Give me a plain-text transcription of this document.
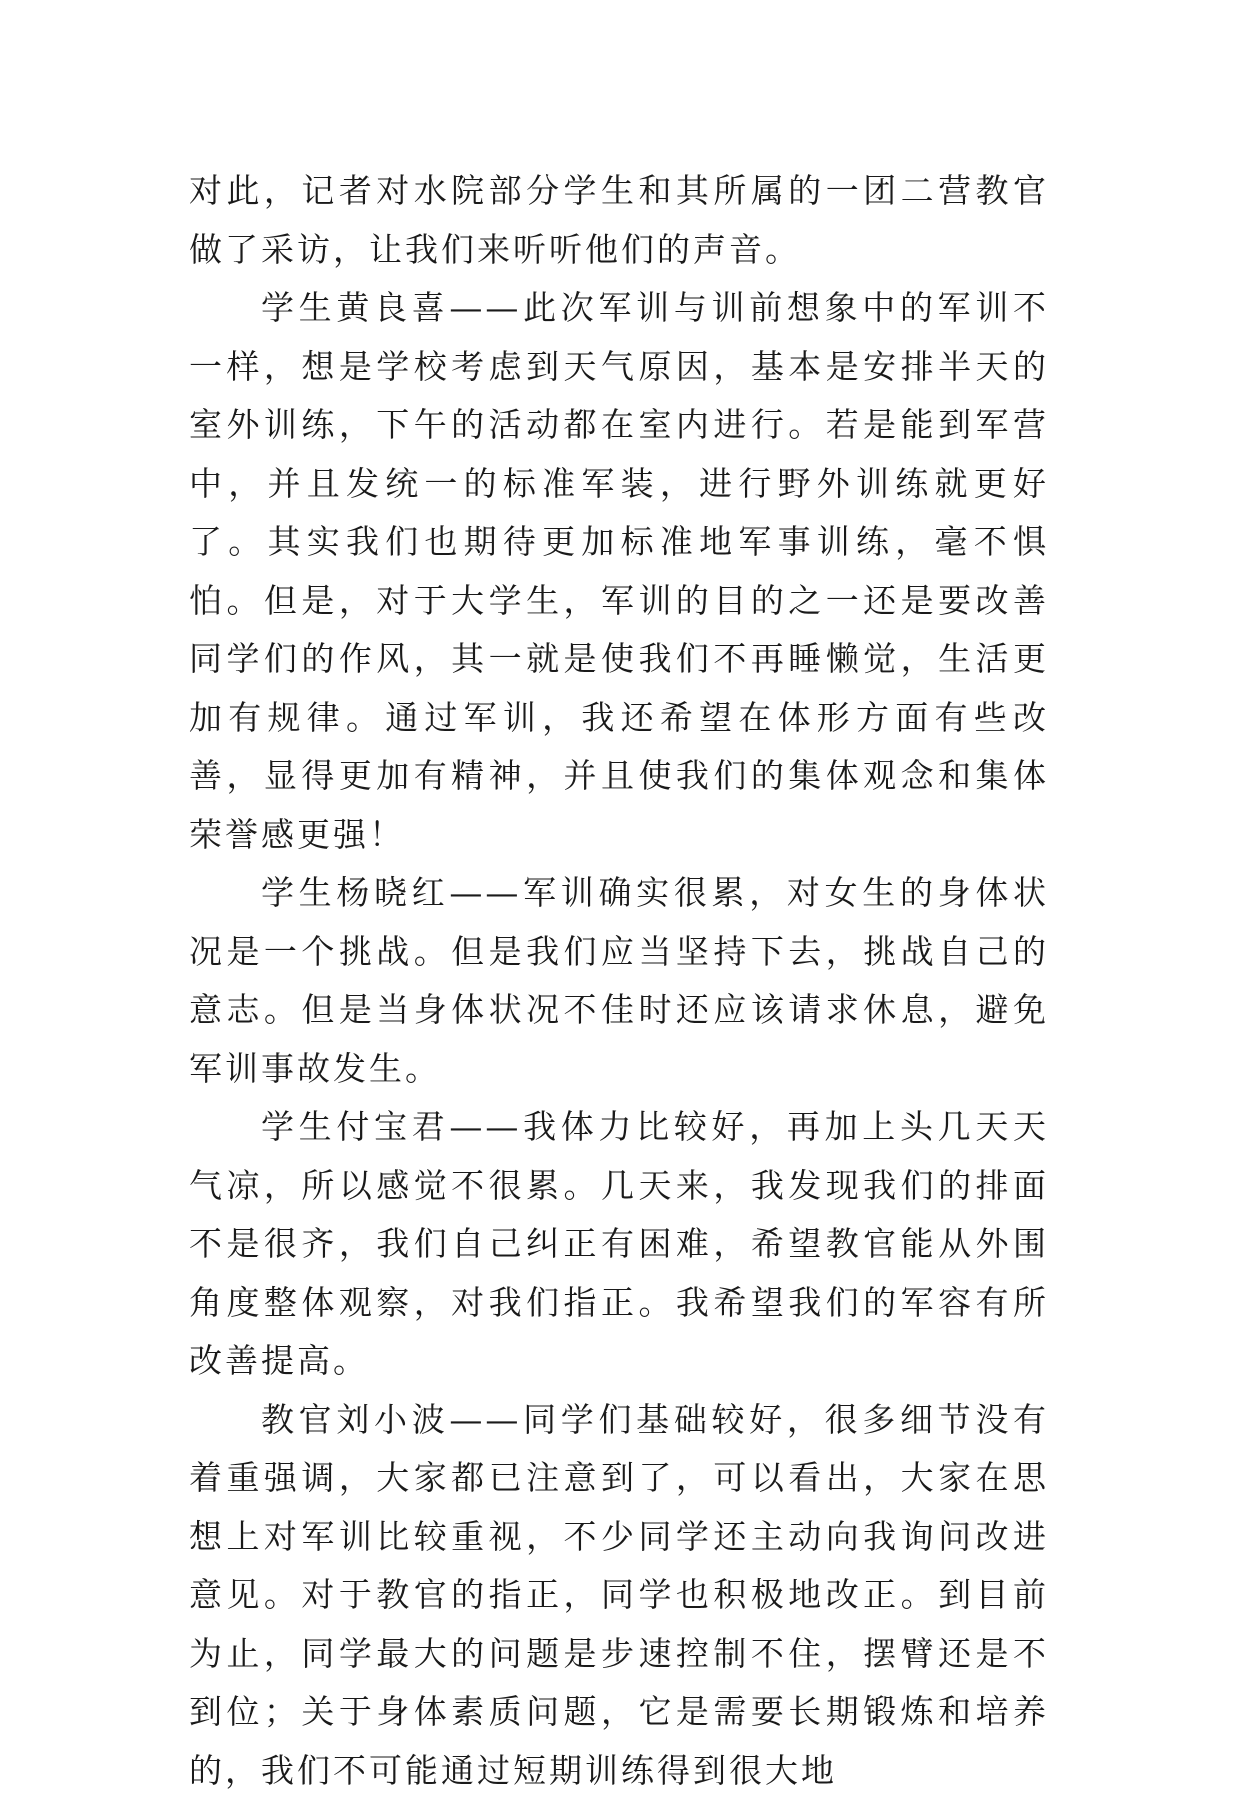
对此，记者对水院部分学生和其所属的一团二营教官做了采访，让我们来听听他们的声音。

学生黄良喜——此次军训与训前想象中的军训不一样，想是学校考虑到天气原因，基本是安排半天的室外训练，下午的活动都在室内进行。若是能到军营中，并且发统一的标准军装，进行野外训练就更好了。其实我们也期待更加标准地军事训练，毫不惧怕。但是，对于大学生，军训的目的之一还是要改善同学们的作风，其一就是使我们不再睡懒觉，生活更加有规律。通过军训，我还希望在体形方面有些改善，显得更加有精神，并且使我们的集体观念和集体荣誉感更强！

学生杨晓红——军训确实很累，对女生的身体状况是一个挑战。但是我们应当坚持下去，挑战自己的意志。但是当身体状况不佳时还应该请求休息，避免军训事故发生。

学生付宝君——我体力比较好，再加上头几天天气凉，所以感觉不很累。几天来，我发现我们的排面不是很齐，我们自己纠正有困难，希望教官能从外围角度整体观察，对我们指正。我希望我们的军容有所改善提高。

教官刘小波——同学们基础较好，很多细节没有着重强调，大家都已注意到了，可以看出，大家在思想上对军训比较重视，不少同学还主动向我询问改进意见。对于教官的指正，同学也积极地改正。到目前为止，同学最大的问题是步速控制不住，摆臂还是不到位；关于身体素质问题，它是需要长期锻炼和培养的，我们不可能通过短期训练得到很大地
